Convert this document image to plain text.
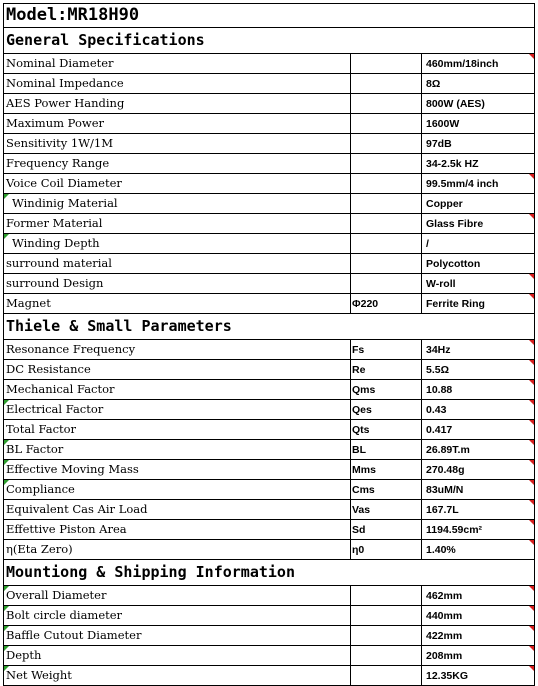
Model:MR18H90
General Specifications
Nominal Diameter	460mm/18inch
Nominal Impedance	8Ω
AES Power Handing	800W (AES)
Maximum Power	1600W
Sensitivity 1W/1M	97dB
Frequency Range	34-2.5k HZ
Voice Coil Diameter	99.5mm/4 inch
Windinig Material	Copper
Former Material	Glass Fibre
Winding Depth	/
surround material	Polycotton
surround Design	W-roll
Magnet	Φ220	Ferrite Ring
Thiele & Small Parameters
Resonance Frequency	Fs	34Hz
DC Resistance	Re	5.5Ω
Mechanical Factor	Qms	10.88
Electrical Factor	Qes	0.43
Total Factor	Qts	0.417
BL Factor	BL	26.89T.m
Effective Moving Mass	Mms	270.48g
Compliance	Cms	83uM/N
Equivalent Cas Air Load	Vas	167.7L
Effettive Piston Area	Sd	1194.59cm²
η(Eta Zero)	η0	1.40%
Mountiong & Shipping Information
Overall Diameter	462mm
Bolt circle diameter	440mm
Baffle Cutout Diameter	422mm
Depth	208mm
Net Weight	12.35KG
